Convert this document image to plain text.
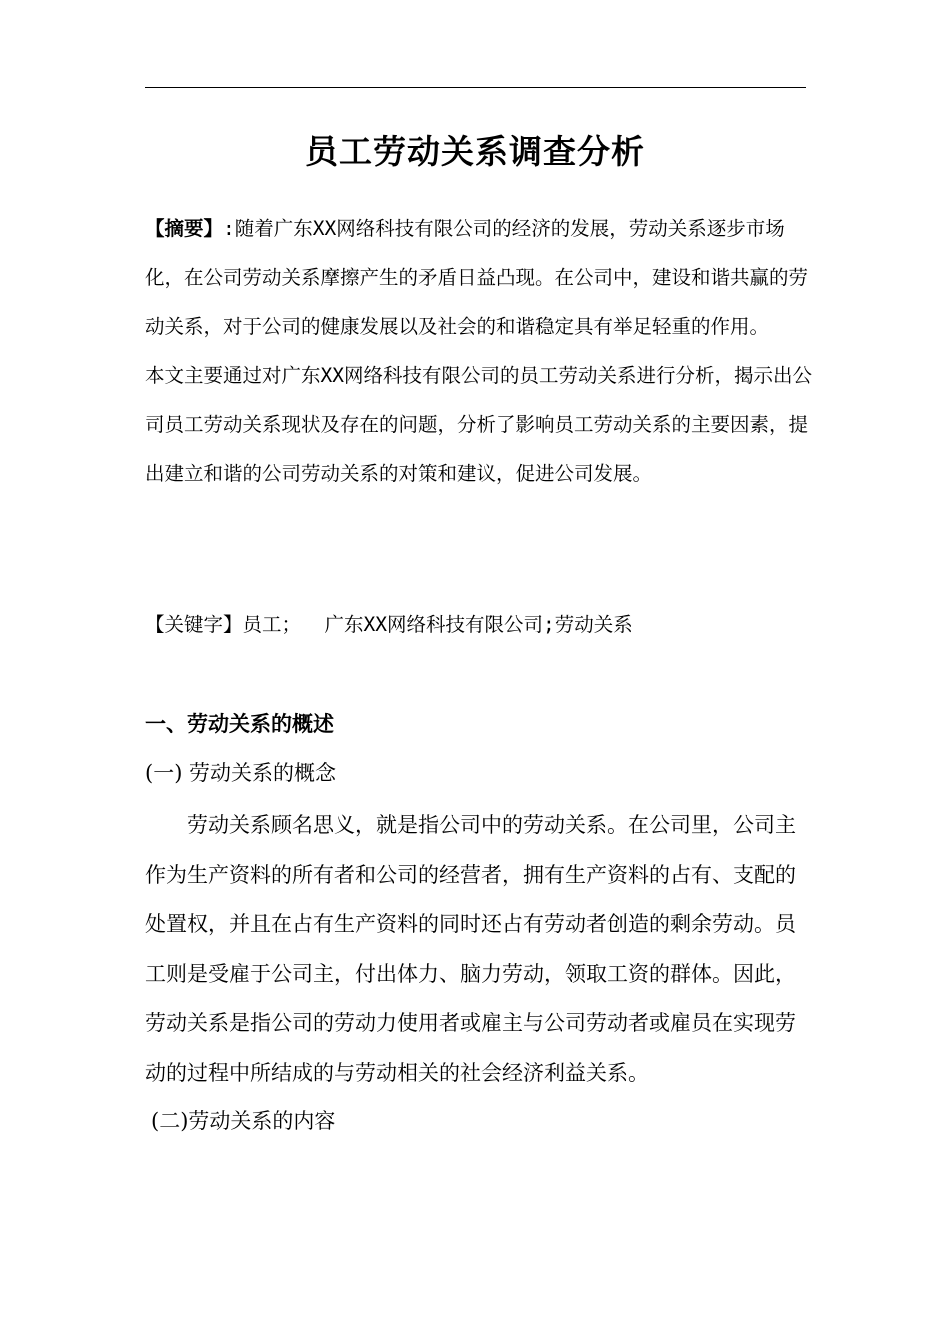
员工劳动关系调查分析

【摘要】:随着广东XX网络科技有限公司的经济的发展，劳动关系逐步市场化，在公司劳动关系摩擦产生的矛盾日益凸现。在公司中，建设和谐共赢的劳动关系，对于公司的健康发展以及社会的和谐稳定具有举足轻重的作用。

本文主要通过对广东XX网络科技有限公司的员工劳动关系进行分析，揭示出公司员工劳动关系现状及存在的问题，分析了影响员工劳动关系的主要因素，提出建立和谐的公司劳动关系的对策和建议，促进公司发展。

【关键字】员工；  广东XX网络科技有限公司;劳动关系
一、劳动关系的概述
(一) 劳动关系的概念

劳动关系顾名思义，就是指公司中的劳动关系。在公司里，公司主作为生产资料的所有者和公司的经营者，拥有生产资料的占有、支配的处置权，并且在占有生产资料的同时还占有劳动者创造的剩余劳动。员工则是受雇于公司主，付出体力、脑力劳动，领取工资的群体。因此，劳动关系是指公司的劳动力使用者或雇主与公司劳动者或雇员在实现劳动的过程中所结成的与劳动相关的社会经济利益关系。

(二)劳动关系的内容
